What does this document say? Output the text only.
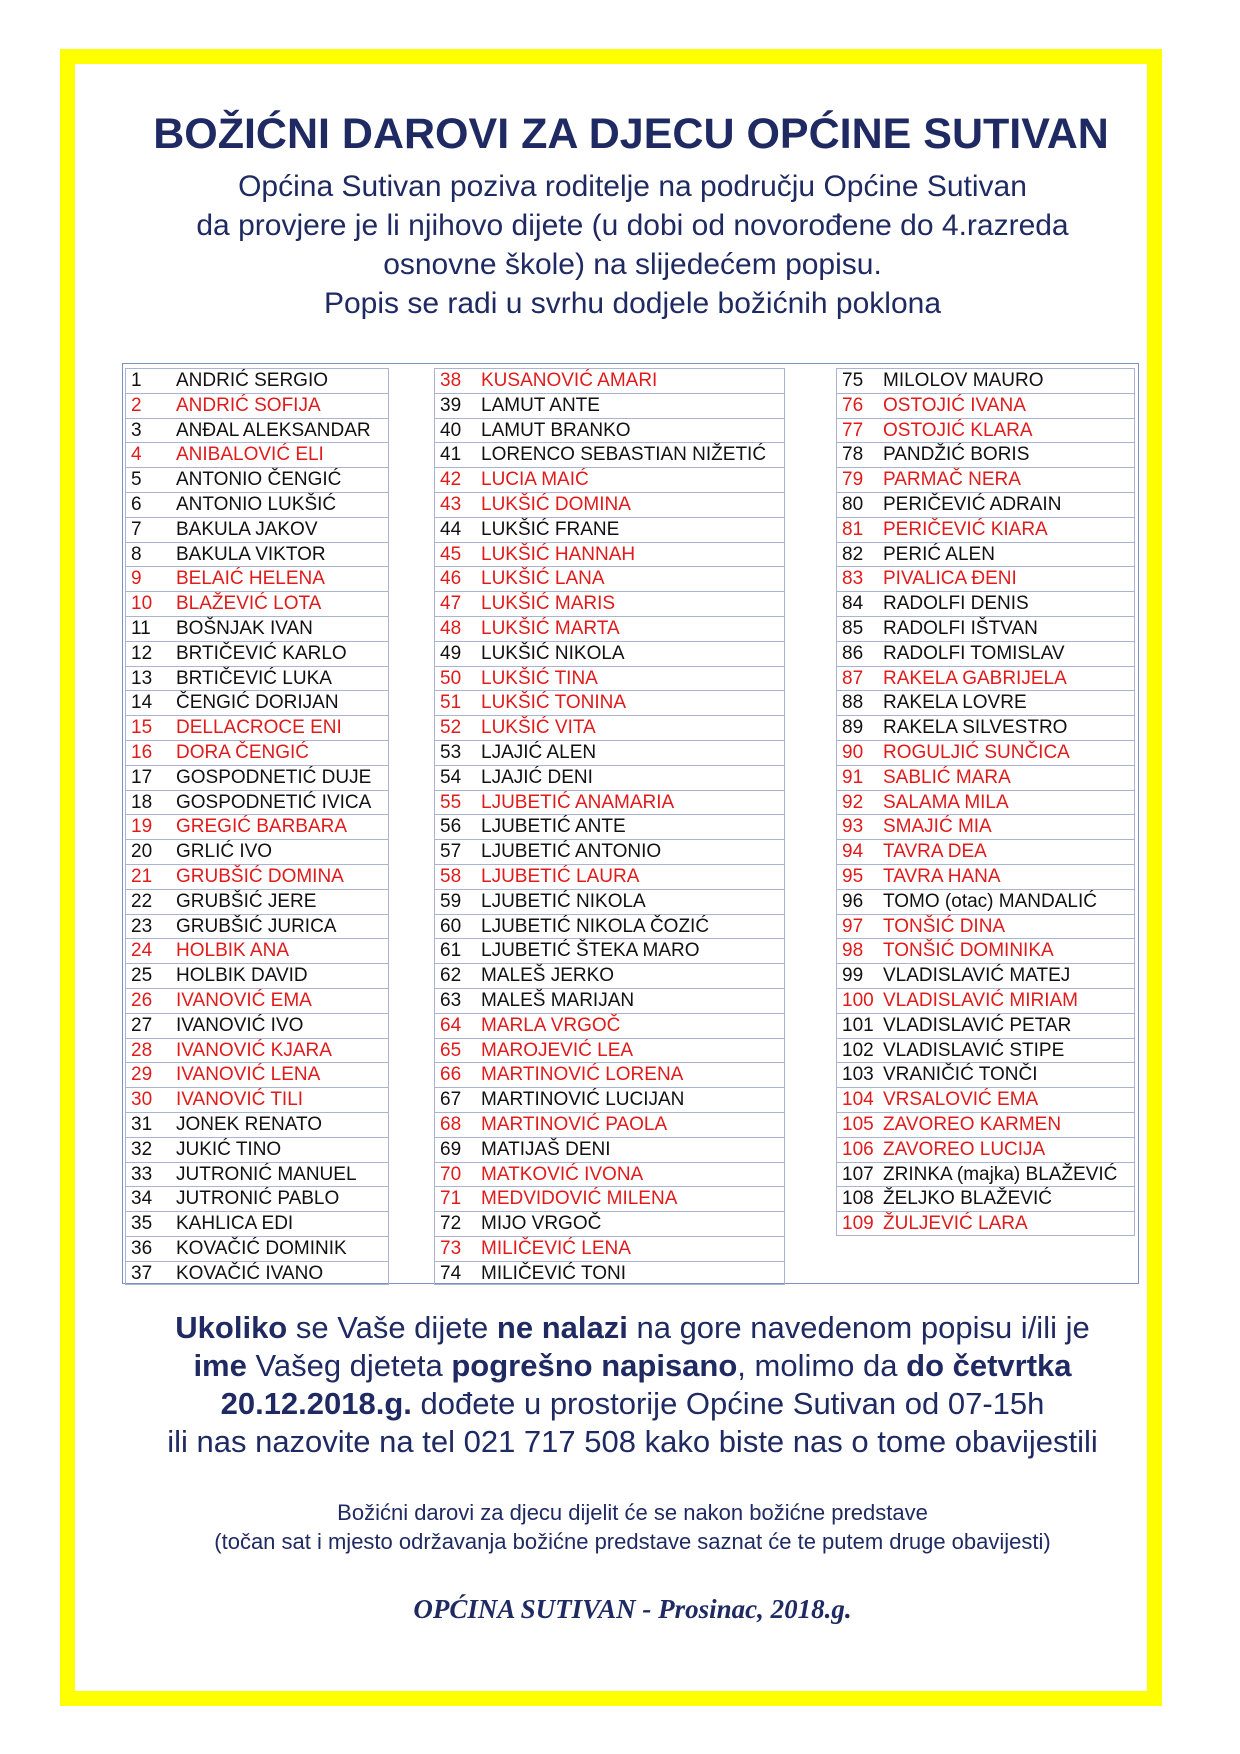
BOŽIĆNI DAROVI ZA DJECU OPĆINE SUTIVAN
Općina Sutivan poziva roditelje na području Općine Sutivan
da provjere je li njihovo dijete (u dobi od novorođene do 4.razreda
osnovne škole) na slijedećem popisu.
Popis se radi u svrhu dodjele božićnih poklona
1 ANDRIĆ SERGIO
2 ANDRIĆ SOFIJA
3 ANĐAL ALEKSANDAR
4 ANIBALOVIĆ ELI
5 ANTONIO ČENGIĆ
6 ANTONIO LUKŠIĆ
7 BAKULA JAKOV
8 BAKULA VIKTOR
9 BELAIĆ HELENA
10 BLAŽEVIĆ LOTA
11 BOŠNJAK IVAN
12 BRTIČEVIĆ KARLO
13 BRTIČEVIĆ LUKA
14 ČENGIĆ DORIJAN
15 DELLACROCE ENI
16 DORA ČENGIĆ
17 GOSPODNETIĆ DUJE
18 GOSPODNETIĆ IVICA
19 GREGIĆ BARBARA
20 GRLIĆ IVO
21 GRUBŠIĆ DOMINA
22 GRUBŠIĆ JERE
23 GRUBŠIĆ JURICA
24 HOLBIK ANA
25 HOLBIK DAVID
26 IVANOVIĆ EMA
27 IVANOVIĆ IVO
28 IVANOVIĆ KJARA
29 IVANOVIĆ LENA
30 IVANOVIĆ TILI
31 JONEK RENATO
32 JUKIĆ TINO
33 JUTRONIĆ MANUEL
34 JUTRONIĆ PABLO
35 KAHLICA EDI
36 KOVAČIĆ DOMINIK
37 KOVAČIĆ IVANO
38 KUSANOVIĆ AMARI
39 LAMUT ANTE
40 LAMUT BRANKO
41 LORENCO SEBASTIAN NIŽETIĆ
42 LUCIA MAIĆ
43 LUKŠIĆ DOMINA
44 LUKŠIĆ FRANE
45 LUKŠIĆ HANNAH
46 LUKŠIĆ LANA
47 LUKŠIĆ MARIS
48 LUKŠIĆ MARTA
49 LUKŠIĆ NIKOLA
50 LUKŠIĆ TINA
51 LUKŠIĆ TONINA
52 LUKŠIĆ VITA
53 LJAJIĆ ALEN
54 LJAJIĆ DENI
55 LJUBETIĆ ANAMARIA
56 LJUBETIĆ ANTE
57 LJUBETIĆ ANTONIO
58 LJUBETIĆ LAURA
59 LJUBETIĆ NIKOLA
60 LJUBETIĆ NIKOLA ČOZIĆ
61 LJUBETIĆ ŠTEKA MARO
62 MALEŠ JERKO
63 MALEŠ MARIJAN
64 MARLA VRGOČ
65 MAROJEVIĆ LEA
66 MARTINOVIĆ LORENA
67 MARTINOVIĆ LUCIJAN
68 MARTINOVIĆ PAOLA
69 MATIJAŠ DENI
70 MATKOVIĆ IVONA
71 MEDVIDOVIĆ MILENA
72 MIJO VRGOČ
73 MILIČEVIĆ LENA
74 MILIČEVIĆ TONI
75 MILOLOV MAURO
76 OSTOJIĆ IVANA
77 OSTOJIĆ KLARA
78 PANDŽIĆ BORIS
79 PARMAČ NERA
80 PERIČEVIĆ ADRAIN
81 PERIČEVIĆ KIARA
82 PERIĆ ALEN
83 PIVALICA ĐENI
84 RADOLFI DENIS
85 RADOLFI IŠTVAN
86 RADOLFI TOMISLAV
87 RAKELA GABRIJELA
88 RAKELA LOVRE
89 RAKELA SILVESTRO
90 ROGULJIĆ SUNČICA
91 SABLIĆ MARA
92 SALAMA MILA
93 SMAJIĆ MIA
94 TAVRA DEA
95 TAVRA HANA
96 TOMO (otac) MANDALIĆ
97 TONŠIĆ DINA
98 TONŠIĆ DOMINIKA
99 VLADISLAVIĆ MATEJ
100 VLADISLAVIĆ MIRIAM
101 VLADISLAVIĆ PETAR
102 VLADISLAVIĆ STIPE
103 VRANIČIĆ TONČI
104 VRSALOVIĆ EMA
105 ZAVOREO KARMEN
106 ZAVOREO LUCIJA
107 ZRINKA (majka) BLAŽEVIĆ
108 ŽELJKO BLAŽEVIĆ
109 ŽULJEVIĆ LARA
Ukoliko se Vaše dijete ne nalazi na gore navedenom popisu i/ili je
ime Vašeg djeteta pogrešno napisano, molimo da do četvrtka
20.12.2018.g. dođete u prostorije Općine Sutivan od 07-15h
ili nas nazovite na tel 021 717 508 kako biste nas o tome obavijestili
Božićni darovi za djecu dijelit će se nakon božićne predstave
(točan sat i mjesto održavanja božićne predstave saznat će te putem druge obavijesti)
OPĆINA SUTIVAN - Prosinac, 2018.g.
